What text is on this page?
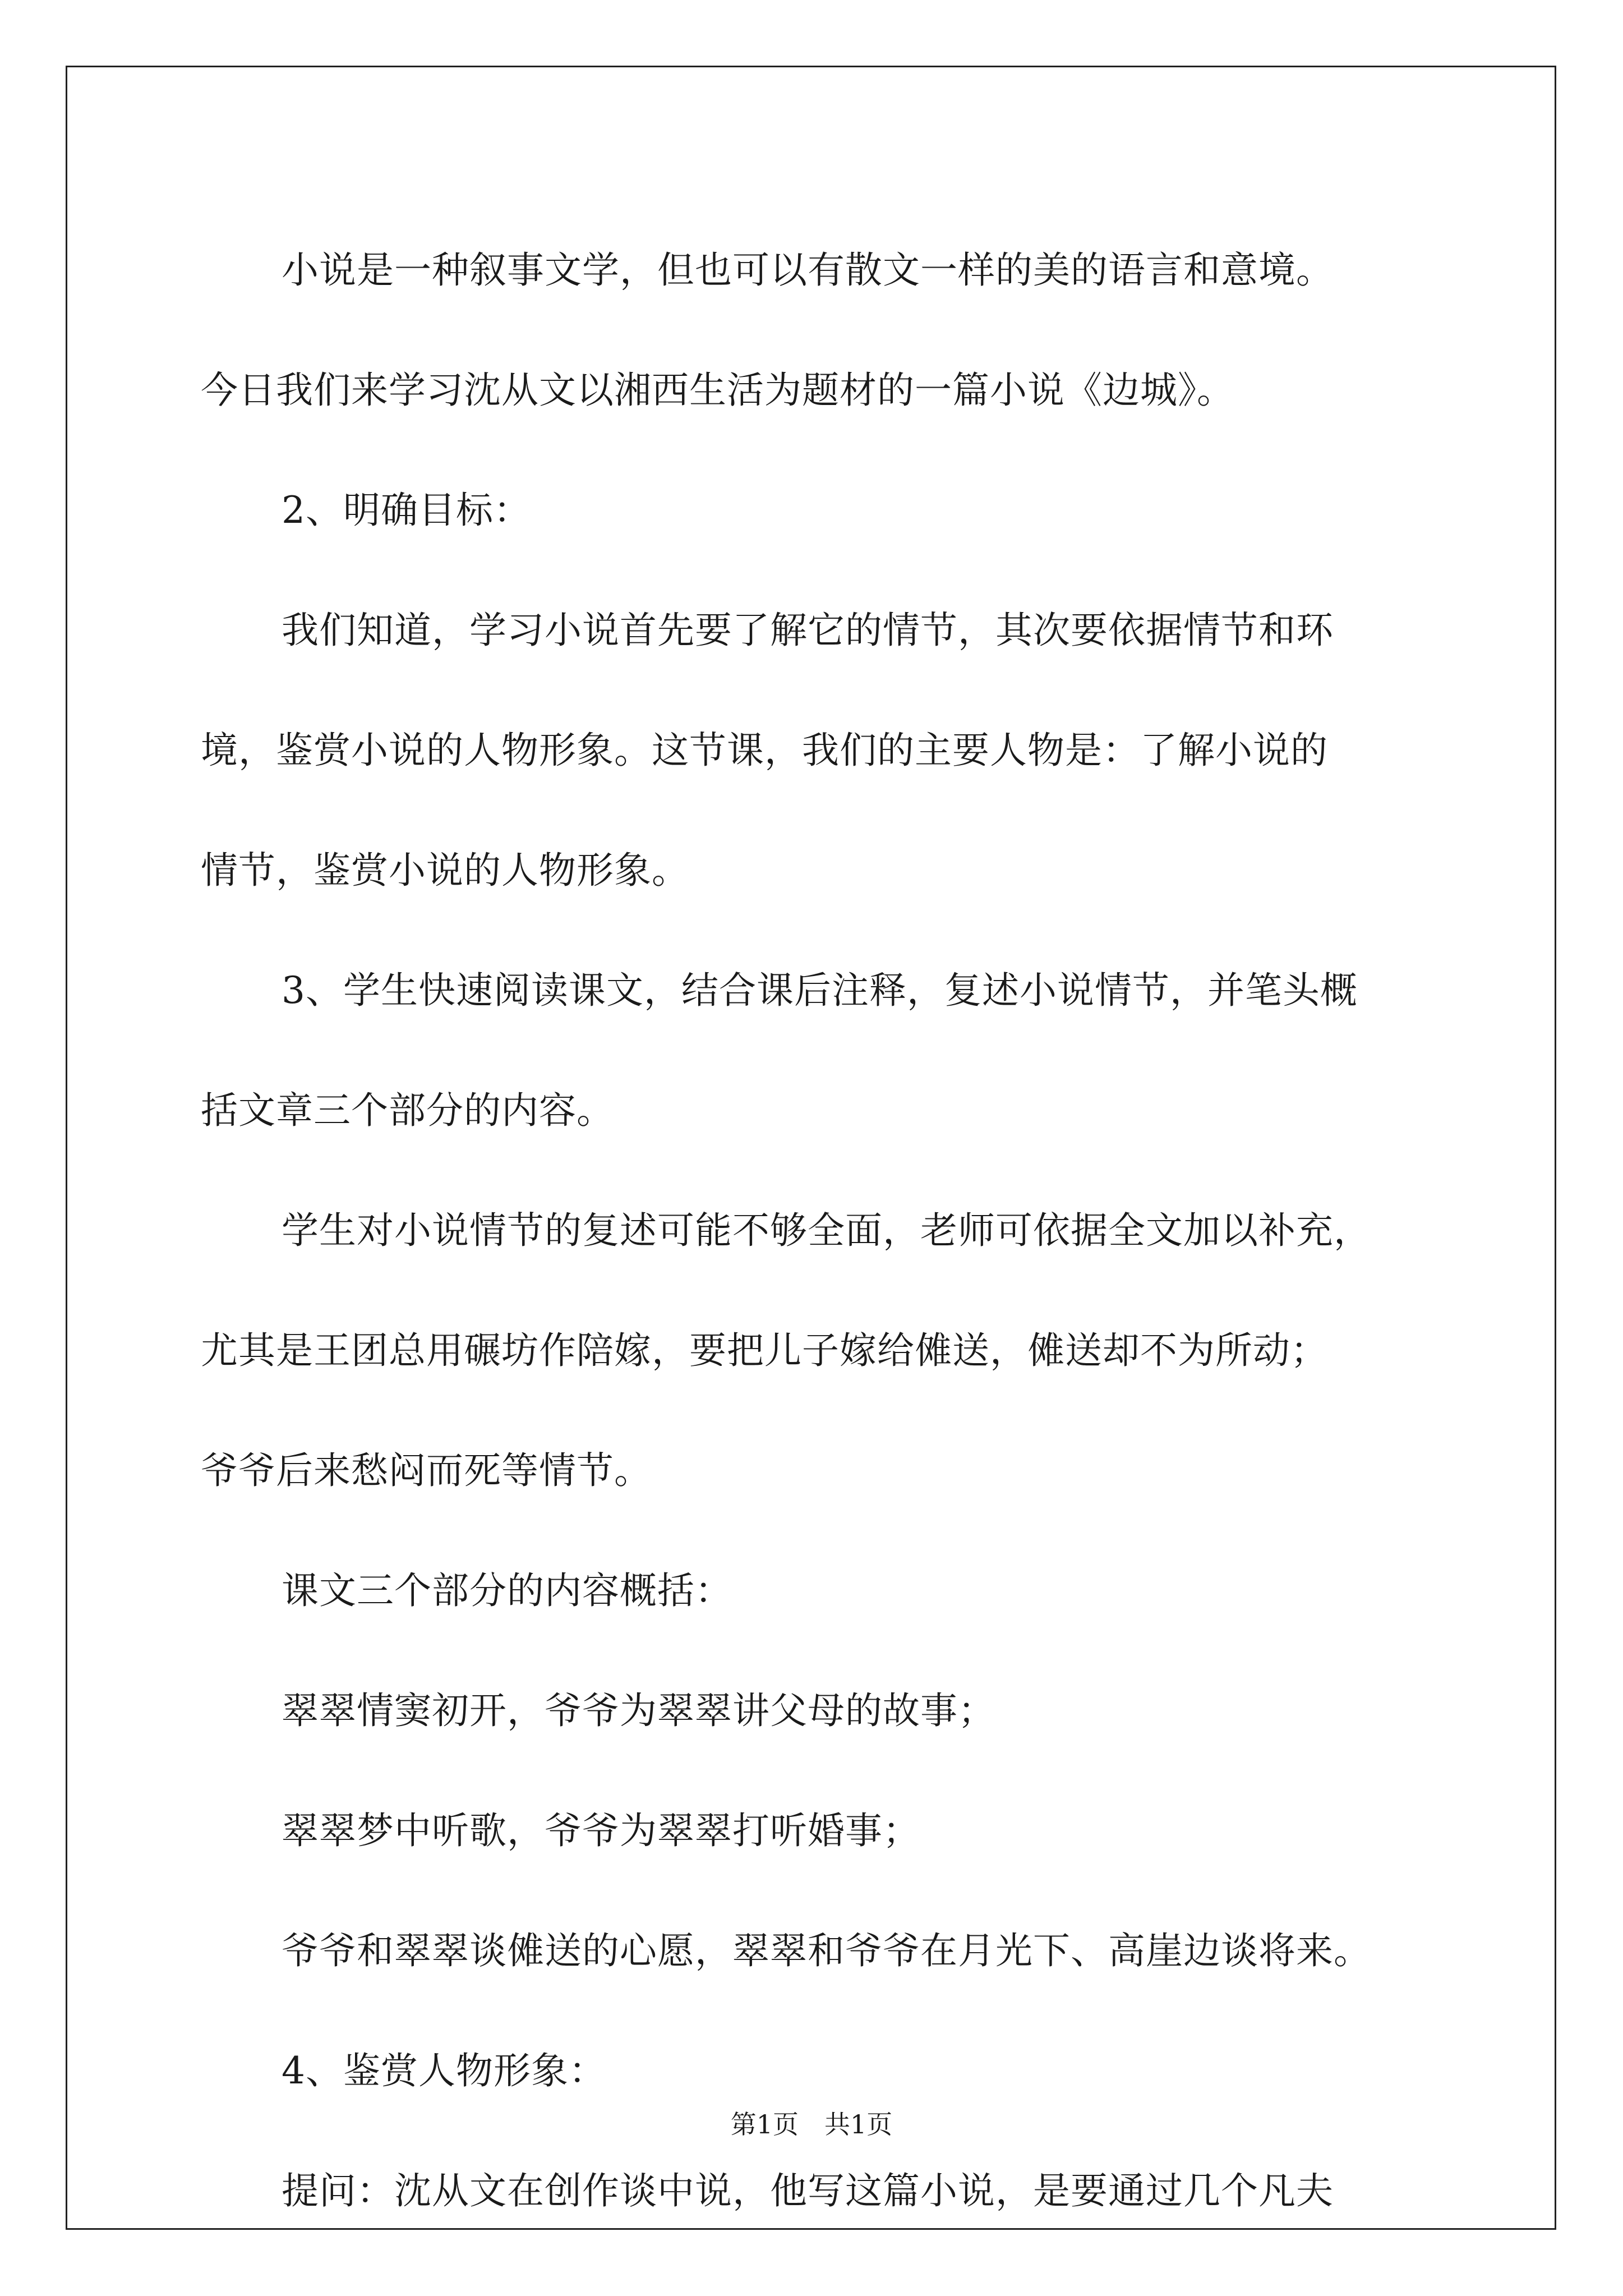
小说是一种叙事文学，但也可以有散文一样的美的语言和意境。

今日我们来学习沈从文以湘西生活为题材的一篇小说《边城》。

2、明确目标：

我们知道，学习小说首先要了解它的情节，其次要依据情节和环

境，鉴赏小说的人物形象。这节课，我们的主要人物是：了解小说的

情节，鉴赏小说的人物形象。

3、学生快速阅读课文，结合课后注释，复述小说情节，并笔头概

括文章三个部分的内容。

学生对小说情节的复述可能不够全面，老师可依据全文加以补充，

尤其是王团总用碾坊作陪嫁，要把儿子嫁给傩送，傩送却不为所动；

爷爷后来愁闷而死等情节。

课文三个部分的内容概括：

翠翠情窦初开，爷爷为翠翠讲父母的故事；

翠翠梦中听歌，爷爷为翠翠打听婚事；

爷爷和翠翠谈傩送的心愿，翠翠和爷爷在月光下、高崖边谈将来。

4、鉴赏人物形象：

提问：沈从文在创作谈中说，他写这篇小说，是要通过几个凡夫

第1页　共1页
